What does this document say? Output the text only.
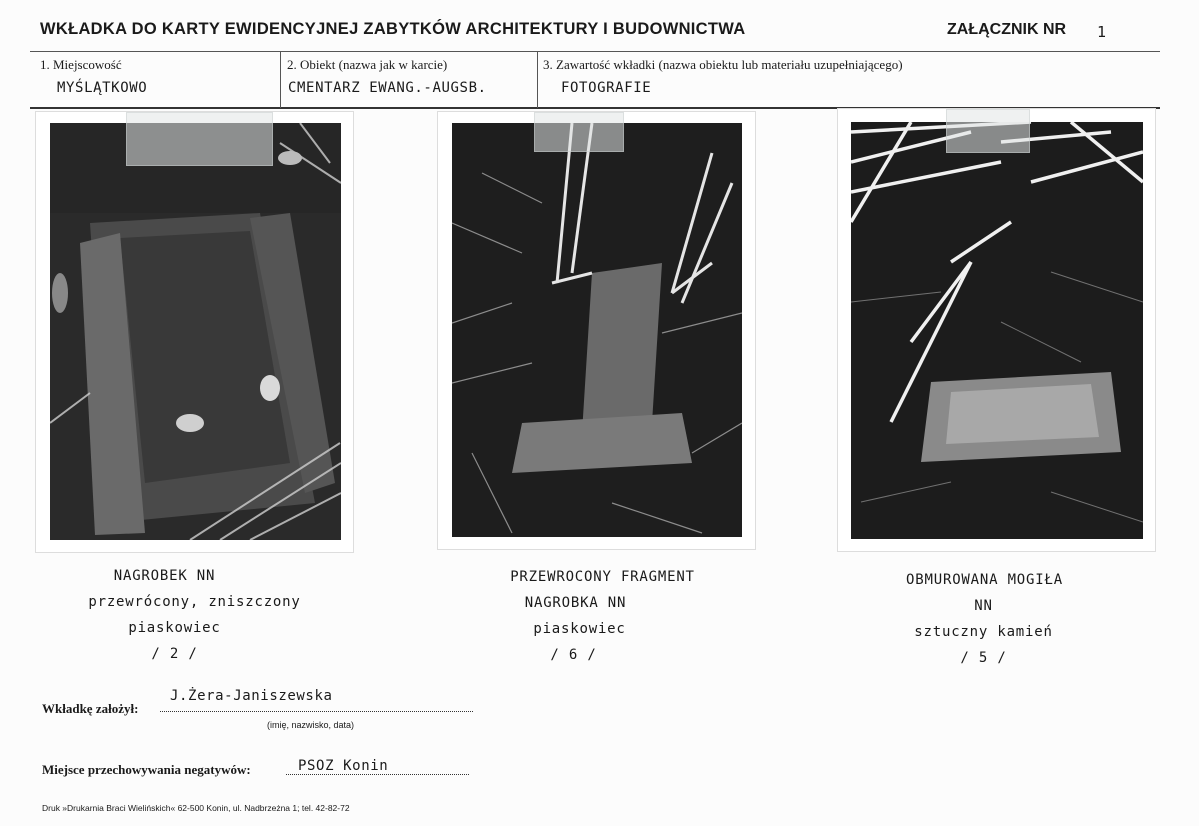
WKŁADKA DO KARTY EWIDENCYJNEJ ZABYTKÓW ARCHITEKTURY I BUDOWNICTWA	ZAŁĄCZNIK NR 1
1. Miejscowość
MYŚLĄTKOWO
2. Obiekt (nazwa jak w karcie)
CMENTARZ EWANG.-AUGSB.
3. Zawartość wkładki (nazwa obiektu lub materiału uzupełniającego)
FOTOGRAFIE
NAGROBEK NN
przewrócony, zniszczony
piaskowiec
/ 2 /
PRZEWROCONY FRAGMENT
NAGROBKA NN
piaskowiec
/ 6 /
OBMUROWANA MOGIŁA
NN
sztuczny kamień
/ 5 /
Wkładkę założył:
J.Żera-Janiszewska
(imię, nazwisko, data)
Miejsce przechowywania negatywów:	PSOZ Konin
Druk »Drukarnia Braci Wielińskich« 62-500 Konin, ul. Nadbrzeżna 1; tel. 42-82-72
